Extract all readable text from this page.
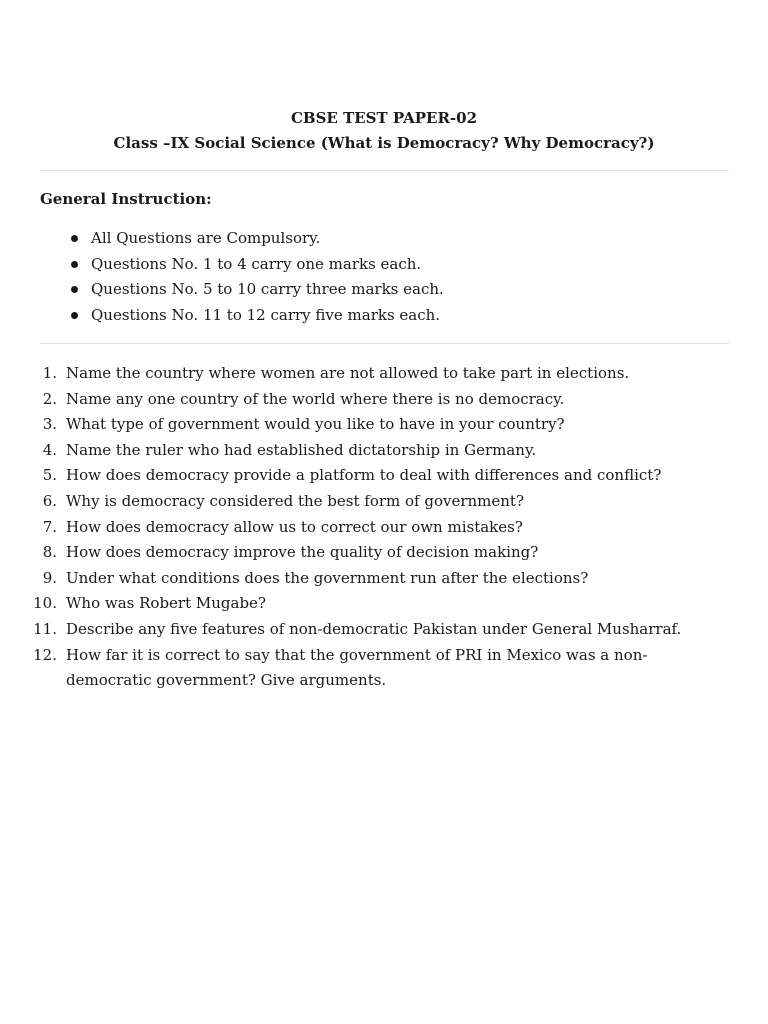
CBSE TEST PAPER-02
Class –IX Social Science (What is Democracy? Why Democracy?)
General Instruction:
All Questions are Compulsory.
Questions No. 1 to 4 carry one marks each.
Questions No. 5 to 10 carry three marks each.
Questions No. 11 to 12 carry five marks each.
1. Name the country where women are not allowed to take part in elections.
2. Name any one country of the world where there is no democracy.
3. What type of government would you like to have in your country?
4. Name the ruler who had established dictatorship in Germany.
5. How does democracy provide a platform to deal with differences and conflict?
6. Why is democracy considered the best form of government?
7. How does democracy allow us to correct our own mistakes?
8. How does democracy improve the quality of decision making?
9. Under what conditions does the government run after the elections?
10. Who was Robert Mugabe?
11. Describe any five features of non-democratic Pakistan under General Musharraf.
12. How far it is correct to say that the government of PRI in Mexico was a non-democratic government? Give arguments.
